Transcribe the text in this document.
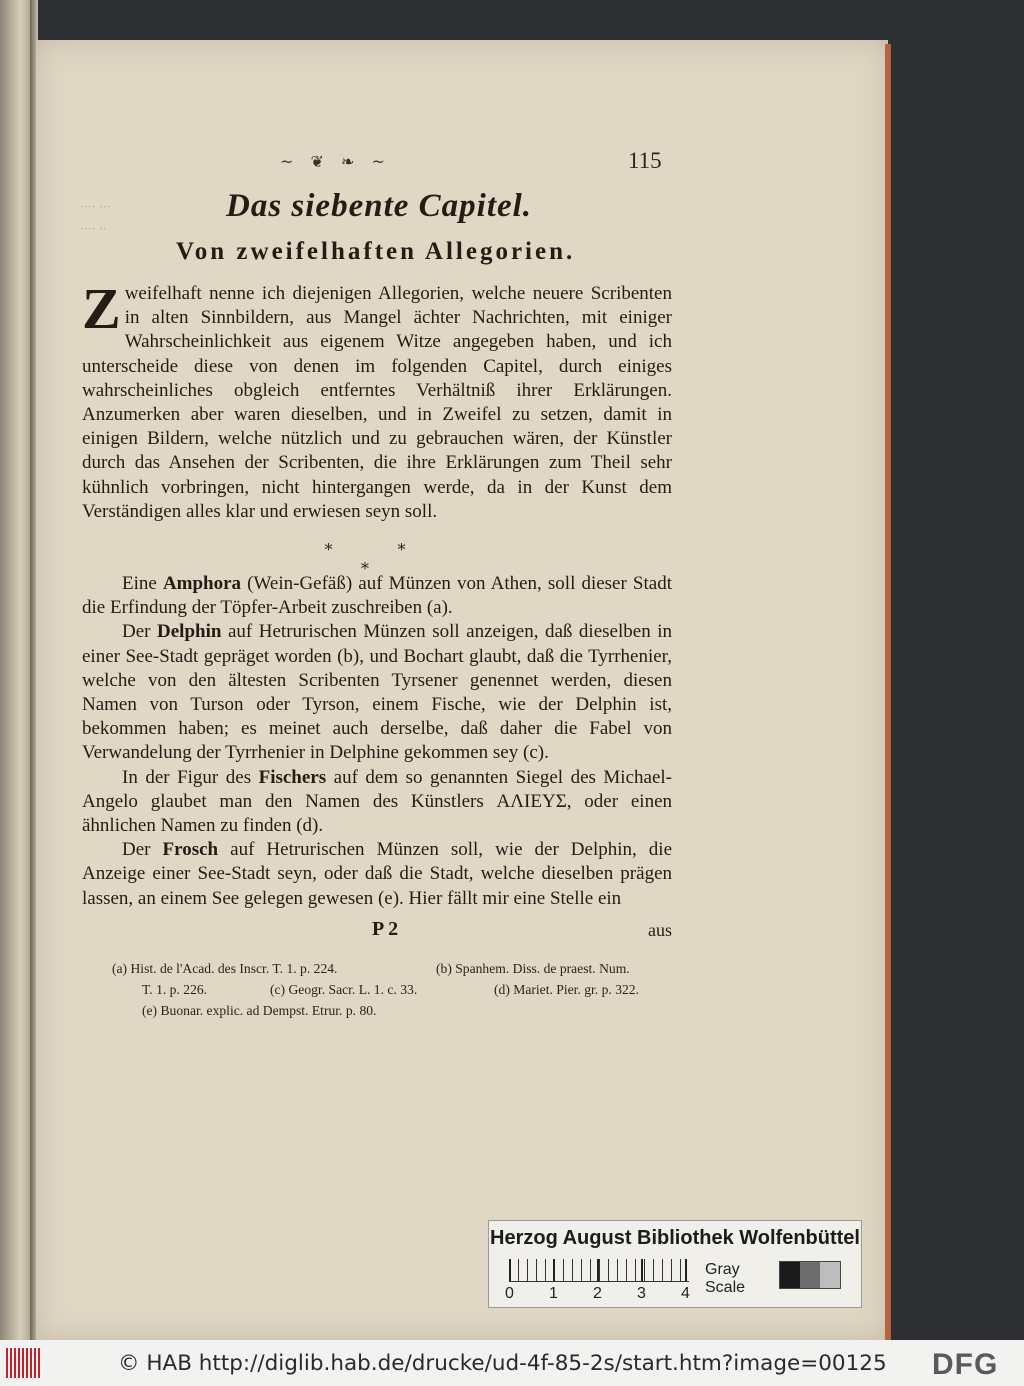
···· ···
···· ··
~ ❦ ❧ ~	115
Das siebente Capitel.
Von zweifelhaften Allegorien.

Zweifelhaft nenne ich diejenigen Allegorien, welche neuere Scribenten in alten Sinnbildern, aus Mangel ächter Nachrichten, mit einiger Wahrscheinlichkeit aus eigenem Witze angegeben haben, und ich unterscheide diese von denen im folgenden Capitel, durch einiges wahrscheinliches obgleich entferntes Verhältniß ihrer Erklärungen. Anzumerken aber waren dieselben, und in Zweifel zu setzen, damit in einigen Bildern, welche nützlich und zu gebrauchen wären, der Künstler durch das Ansehen der Scribenten, die ihre Erklärungen zum Theil sehr kühnlich vorbringen, nicht hintergangen werde, da in der Kunst dem Verständigen alles klar und erwiesen seyn soll.

* * *

Eine Amphora (Wein-Gefäß) auf Münzen von Athen, soll dieser Stadt die Erfindung der Töpfer-Arbeit zuschreiben (a).

Der Delphin auf Hetrurischen Münzen soll anzeigen, daß dieselben in einer See-Stadt gepräget worden (b), und Bochart glaubt, daß die Tyrrhenier, welche von den ältesten Scribenten Tyrsener genennet werden, diesen Namen von Turson oder Tyrson, einem Fische, wie der Delphin ist, bekommen haben; es meinet auch derselbe, daß daher die Fabel von Verwandelung der Tyrrhenier in Delphine gekommen sey (c).

In der Figur des Fischers auf dem so genannten Siegel des Michael-Angelo glaubet man den Namen des Künstlers ΑΛΙΕΥΣ, oder einen ähnlichen Namen zu finden (d).

Der Frosch auf Hetrurischen Münzen soll, wie der Delphin, die Anzeige einer See-Stadt seyn, oder daß die Stadt, welche dieselben prägen lassen, an einem See gelegen gewesen (e). Hier fällt mir eine Stelle ein

P 2	aus
(a) Hist. de l'Acad. des Inscr. T. 1. p. 224.	(b) Spanhem. Diss. de praest. Num.
T. 1. p. 226.	(c) Geogr. Sacr. L. 1. c. 33.	(d) Mariet. Pier. gr. p. 322.
(e) Buonar. explic. ad Dempst. Etrur. p. 80.
Herzog August Bibliothek Wolfenbüttel
0 1 2 3 4
Gray Scale
© HAB http://diglib.hab.de/drucke/ud-4f-85-2s/start.htm?image=00125	DFG
